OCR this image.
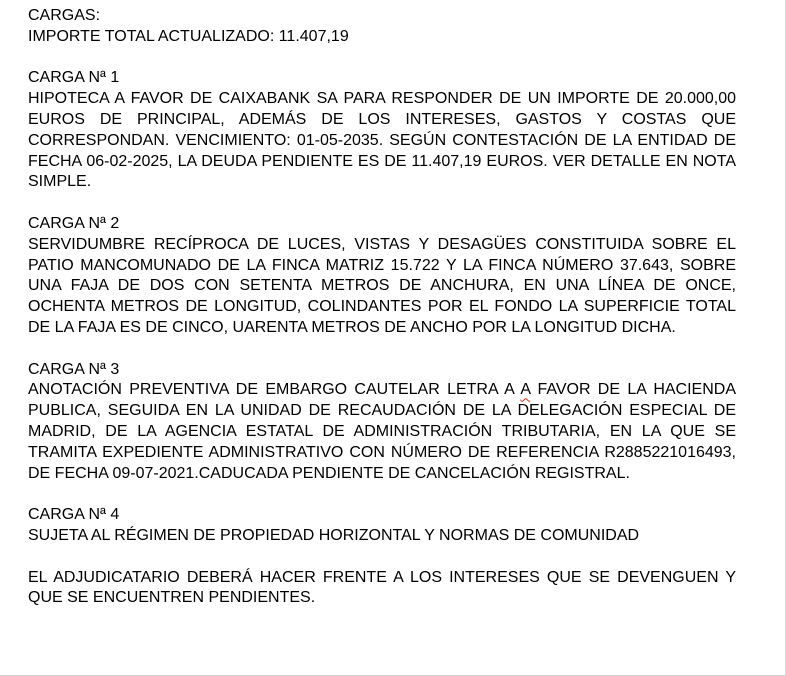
CARGAS:
IMPORTE TOTAL ACTUALIZADO: 11.407,19
CARGA Nª 1
HIPOTECA A FAVOR DE CAIXABANK SA PARA RESPONDER DE UN IMPORTE DE 20.000,00 EUROS DE PRINCIPAL, ADEMÁS DE LOS INTERESES, GASTOS Y COSTAS QUE CORRESPONDAN. VENCIMIENTO: 01-05-2035. SEGÚN CONTESTACIÓN DE LA ENTIDAD DE FECHA 06-02-2025, LA DEUDA PENDIENTE ES DE 11.407,19 EUROS. VER DETALLE EN NOTA SIMPLE.
CARGA Nª 2
SERVIDUMBRE RECÍPROCA DE LUCES, VISTAS Y DESAGÜES CONSTITUIDA SOBRE EL PATIO MANCOMUNADO DE LA FINCA MATRIZ 15.722 Y LA FINCA NÚMERO 37.643, SOBRE UNA FAJA DE DOS CON SETENTA METROS DE ANCHURA, EN UNA LÍNEA DE ONCE, OCHENTA METROS DE LONGITUD, COLINDANTES POR EL FONDO LA SUPERFICIE TOTAL DE LA FAJA ES DE CINCO, UARENTA METROS DE ANCHO POR LA LONGITUD DICHA.
CARGA Nª 3
ANOTACIÓN PREVENTIVA DE EMBARGO CAUTELAR LETRA A A FAVOR DE LA HACIENDA PUBLICA, SEGUIDA EN LA UNIDAD DE RECAUDACIÓN DE LA DELEGACIÓN ESPECIAL DE MADRID, DE LA AGENCIA ESTATAL DE ADMINISTRACIÓN TRIBUTARIA, EN LA QUE SE TRAMITA EXPEDIENTE ADMINISTRATIVO CON NÚMERO DE REFERENCIA R2885221016493, DE FECHA 09-07-2021.CADUCADA PENDIENTE DE CANCELACIÓN REGISTRAL.
CARGA Nª 4
SUJETA AL RÉGIMEN DE PROPIEDAD HORIZONTAL Y NORMAS DE COMUNIDAD
EL ADJUDICATARIO DEBERÁ HACER FRENTE A LOS INTERESES QUE SE DEVENGUEN Y QUE SE ENCUENTREN PENDIENTES.
